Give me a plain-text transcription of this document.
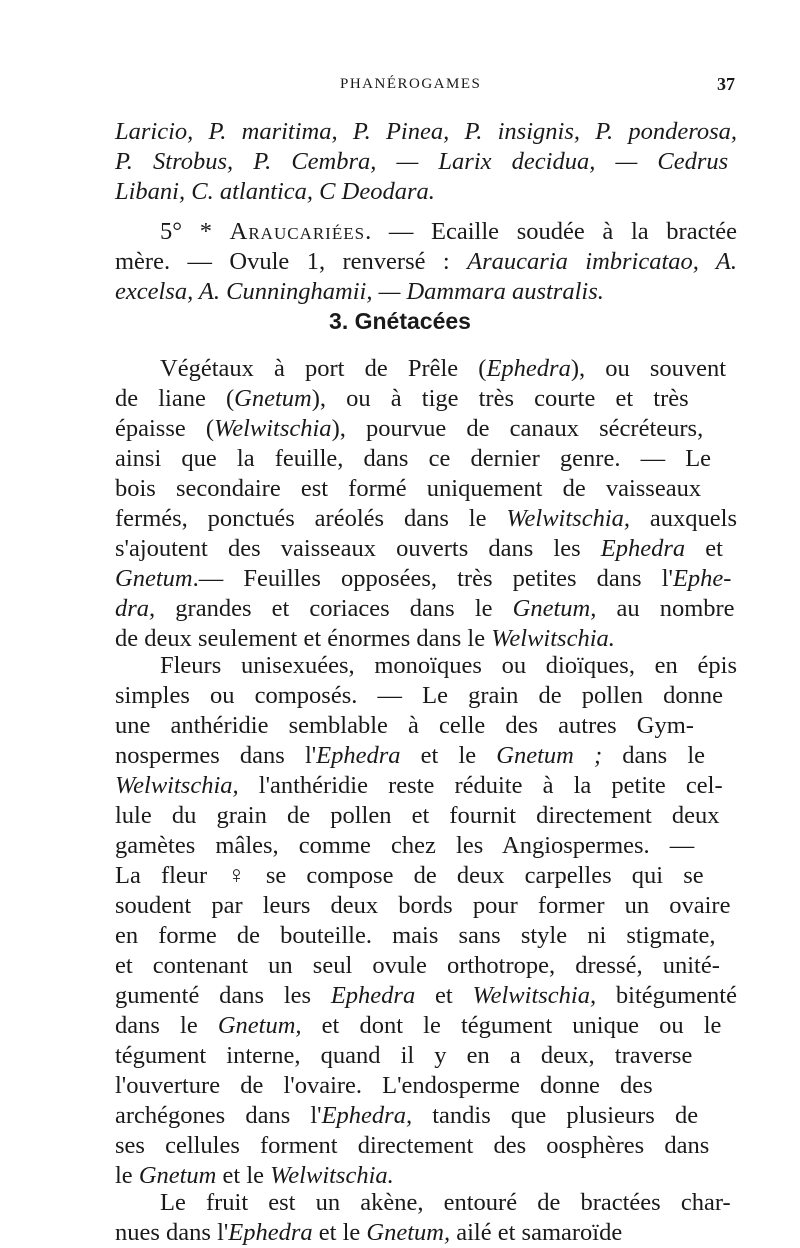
PHANÉROGAMES	37
3. Gnétacées
Laricio, P. maritima, P. Pinea, P. insignis, P. ponderosa,
P. Strobus, P. Cembra, — Larix decidua, — Cedrus
Libani, C. atlantica, C Deodara.
5° * Araucariées. — Ecaille soudée à la bractée
mère. — Ovule 1, renversé : Araucaria imbricatao, A.
excelsa, A. Cunninghamii, — Dammara australis.
Végétaux à port de Prêle (Ephedra), ou souvent
de liane (Gnetum), ou à tige très courte et très
épaisse (Welwitschia), pourvue de canaux sécréteurs,
ainsi que la feuille, dans ce dernier genre. — Le
bois secondaire est formé uniquement de vaisseaux
fermés, ponctués aréolés dans le Welwitschia, auxquels
s'ajoutent des vaisseaux ouverts dans les Ephedra et
Gnetum.— Feuilles opposées, très petites dans l'Ephe-
dra, grandes et coriaces dans le Gnetum, au nombre
de deux seulement et énormes dans le Welwitschia.
Fleurs unisexuées, monoïques ou dioïques, en épis
simples ou composés. — Le grain de pollen donne
une anthéridie semblable à celle des autres Gym-
nospermes dans l'Ephedra et le Gnetum ; dans le
Welwitschia, l'anthéridie reste réduite à la petite cel-
lule du grain de pollen et fournit directement deux
gamètes mâles, comme chez les Angiospermes. —
La fleur ♀ se compose de deux carpelles qui se
soudent par leurs deux bords pour former un ovaire
en forme de bouteille. mais sans style ni stigmate,
et contenant un seul ovule orthotrope, dressé, unité-
gumenté dans les Ephedra et Welwitschia, bitégumenté
dans le Gnetum, et dont le tégument unique ou le
tégument interne, quand il y en a deux, traverse
l'ouverture de l'ovaire. L'endosperme donne des
archégones dans l'Ephedra, tandis que plusieurs de
ses cellules forment directement des oosphères dans
le Gnetum et le Welwitschia.
Le fruit est un akène, entouré de bractées char-
nues dans l'Ephedra et le Gnetum, ailé et samaroïde
